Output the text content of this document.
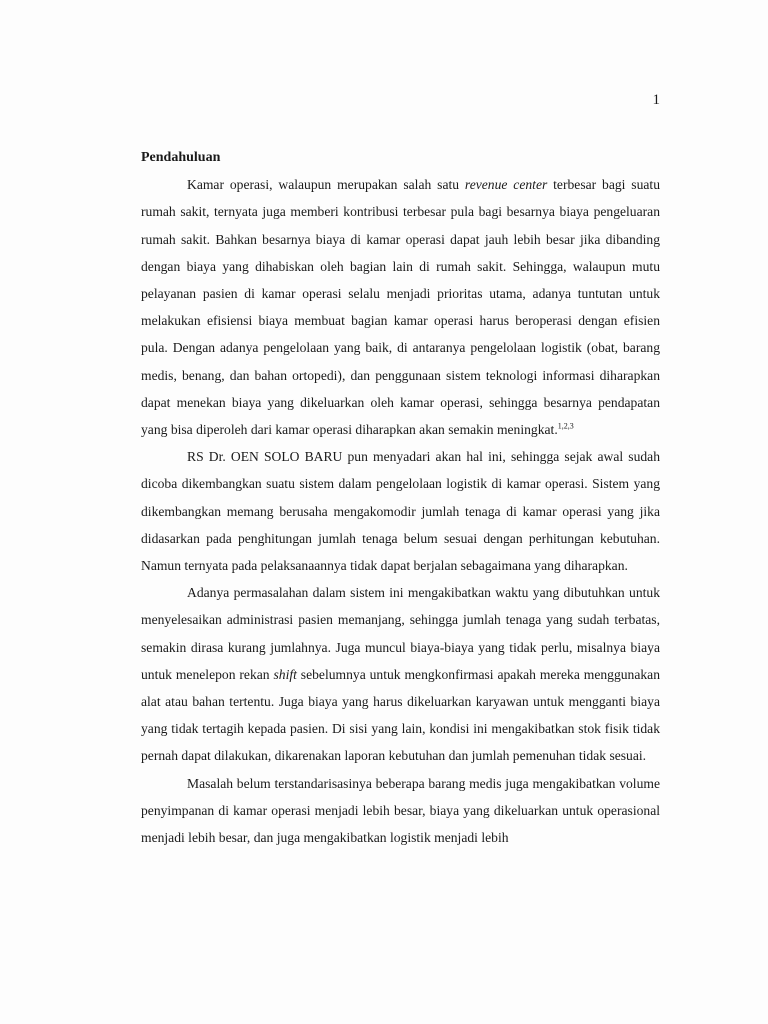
1

Pendahuluan

Kamar operasi, walaupun merupakan salah satu revenue center terbesar bagi suatu rumah sakit, ternyata juga memberi kontribusi terbesar pula bagi besarnya biaya pengeluaran rumah sakit. Bahkan besarnya biaya di kamar operasi dapat jauh lebih besar jika dibanding dengan biaya yang dihabiskan oleh bagian lain di rumah sakit. Sehingga, walaupun mutu pelayanan pasien di kamar operasi selalu menjadi prioritas utama, adanya tuntutan untuk melakukan efisiensi biaya membuat bagian kamar operasi harus beroperasi dengan efisien pula. Dengan adanya pengelolaan yang baik, di antaranya pengelolaan logistik (obat, barang medis, benang, dan bahan ortopedi), dan penggunaan sistem teknologi informasi diharapkan dapat menekan biaya yang dikeluarkan oleh kamar operasi, sehingga besarnya pendapatan yang bisa diperoleh dari kamar operasi diharapkan akan semakin meningkat.$^{1,2,3}$

RS Dr. OEN SOLO BARU pun menyadari akan hal ini, sehingga sejak awal sudah dicoba dikembangkan suatu sistem dalam pengelolaan logistik di kamar operasi. Sistem yang dikembangkan memang berusaha mengakomodir jumlah tenaga di kamar operasi yang jika didasarkan pada penghitungan jumlah tenaga belum sesuai dengan perhitungan kebutuhan. Namun ternyata pada pelaksanaannya tidak dapat berjalan sebagaimana yang diharapkan.

Adanya permasalahan dalam sistem ini mengakibatkan waktu yang dibutuhkan untuk menyelesaikan administrasi pasien memanjang, sehingga jumlah tenaga yang sudah terbatas, semakin dirasa kurang jumlahnya. Juga muncul biaya-biaya yang tidak perlu, misalnya biaya untuk menelepon rekan shift sebelumnya untuk mengkonfirmasi apakah mereka menggunakan alat atau bahan tertentu. Juga biaya yang harus dikeluarkan karyawan untuk mengganti biaya yang tidak tertagih kepada pasien. Di sisi yang lain, kondisi ini mengakibatkan stok fisik tidak pernah dapat dilakukan, dikarenakan laporan kebutuhan dan jumlah pemenuhan tidak sesuai.

Masalah belum terstandarisasinya beberapa barang medis juga mengakibatkan volume penyimpanan di kamar operasi menjadi lebih besar, biaya yang dikeluarkan untuk operasional menjadi lebih besar, dan juga mengakibatkan logistik menjadi lebih
